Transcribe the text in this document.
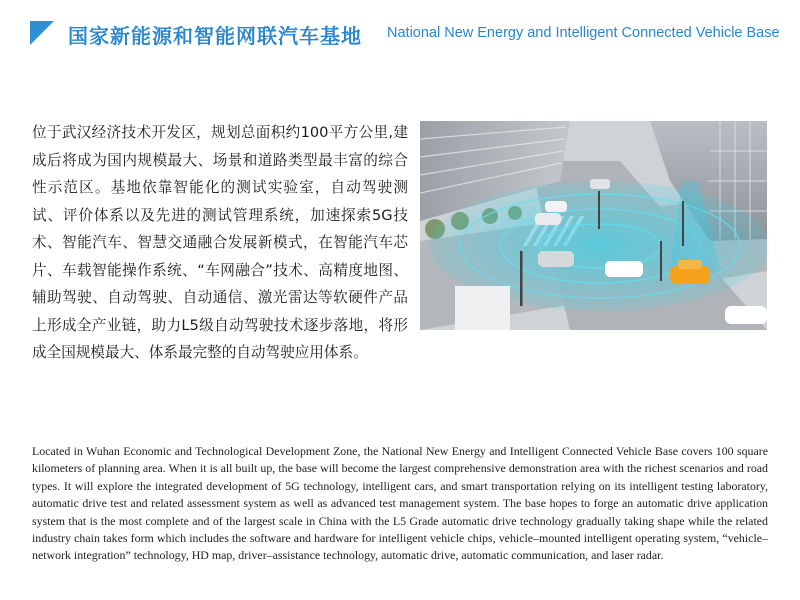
国家新能源和智能网联汽车基地 National New Energy and Intelligent Connected Vehicle Base
位于武汉经济技术开发区，规划总面积约100平方公里,建成后将成为国内规模最大、场景和道路类型最丰富的综合性示范区。基地依靠智能化的测试实验室，自动驾驶测试、评价体系以及先进的测试管理系统，加速探索5G技术、智能汽车、智慧交通融合发展新模式，在智能汽车芯片、车载智能操作系统、“车网融合”技术、高精度地图、辅助驾驶、自动驾驶、自动通信、激光雷达等软硬件产品上形成全产业链，助力L5级自动驾驶技术逐步落地，将形成全国规模最大、体系最完整的自动驾驶应用体系。
Located in Wuhan Economic and Technological Development Zone, the National New Energy and Intelligent Connected Vehicle Base covers 100 square kilometers of planning area. When it is all built up, the base will become the largest comprehensive demonstration area with the richest scenarios and road types. It will explore the integrated development of 5G technology, intelligent cars, and smart transportation relying on its intelligent testing laboratory, automatic drive test and related assessment system as well as advanced test management system. The base hopes to forge an automatic drive application system that is the most complete and of the largest scale in China with the L5 Grade automatic drive technology gradually taking shape while the related industry chain takes form which includes the software and hardware for intelligent vehicle chips, vehicle–mounted intelligent operating system, “vehicle–network integration” technology, HD map, driver–assistance technology, automatic drive, automatic communication, and laser radar.
